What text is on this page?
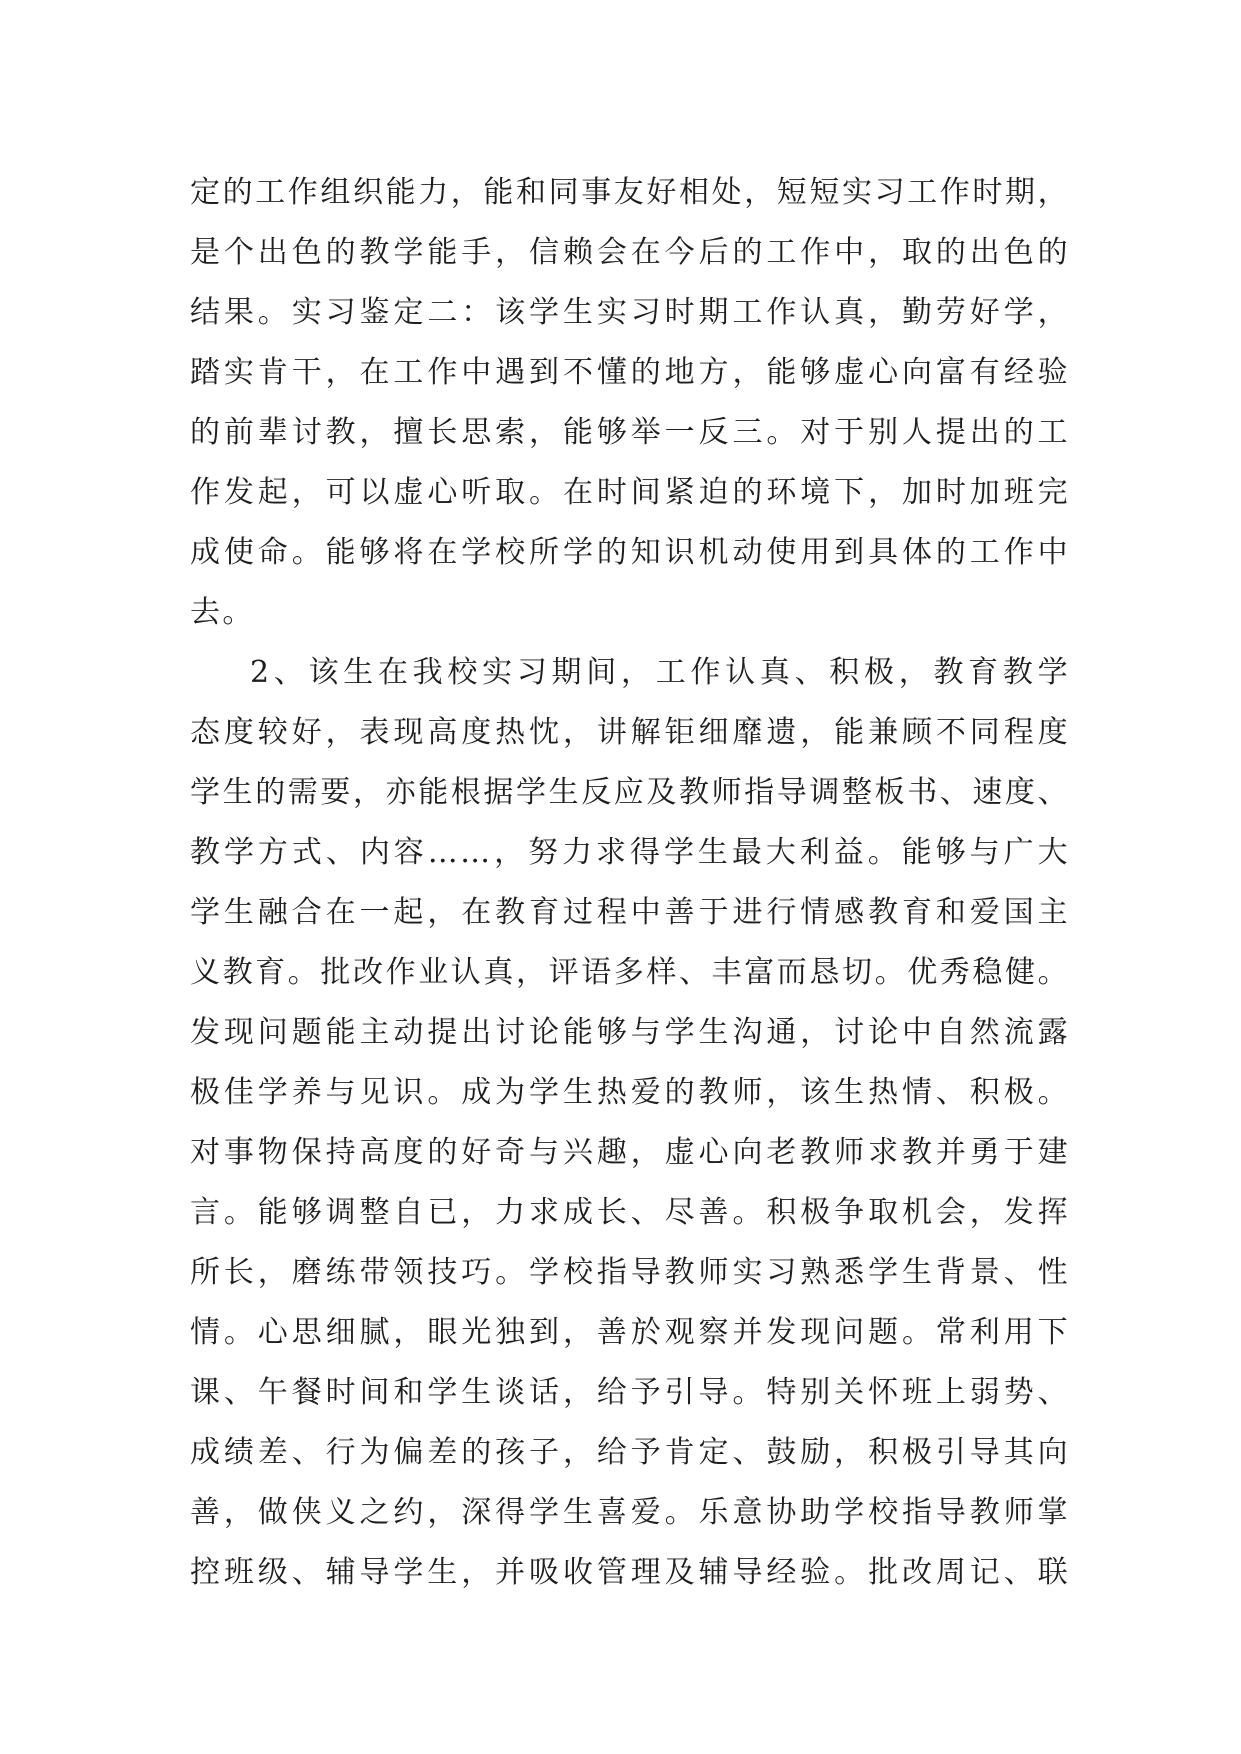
定的工作组织能力，能和同事友好相处，短短实习工作时期，
是个出色的教学能手，信赖会在今后的工作中，取的出色的
结果。实习鉴定二：该学生实习时期工作认真，勤劳好学，
踏实肯干，在工作中遇到不懂的地方，能够虚心向富有经验
的前辈讨教，擅长思索，能够举一反三。对于别人提出的工
作发起，可以虚心听取。在时间紧迫的环境下，加时加班完
成使命。能够将在学校所学的知识机动使用到具体的工作中
去。
2、该生在我校实习期间，工作认真、积极，教育教学
态度较好，表现高度热忱，讲解钜细靡遗，能兼顾不同程度
学生的需要，亦能根据学生反应及教师指导调整板书、速度、
教学方式、内容……，努力求得学生最大利益。能够与广大
学生融合在一起，在教育过程中善于进行情感教育和爱国主
义教育。批改作业认真，评语多样、丰富而恳切。优秀稳健。
发现问题能主动提出讨论能够与学生沟通，讨论中自然流露
极佳学养与见识。成为学生热爱的教师，该生热情、积极。
对事物保持高度的好奇与兴趣，虚心向老教师求教并勇于建
言。能够调整自已，力求成长、尽善。积极争取机会，发挥
所长，磨练带领技巧。学校指导教师实习熟悉学生背景、性
情。心思细腻，眼光独到，善於观察并发现问题。常利用下
课、午餐时间和学生谈话，给予引导。特别关怀班上弱势、
成绩差、行为偏差的孩子，给予肯定、鼓励，积极引导其向
善，做侠义之约，深得学生喜爱。乐意协助学校指导教师掌
控班级、辅导学生，并吸收管理及辅导经验。批改周记、联
